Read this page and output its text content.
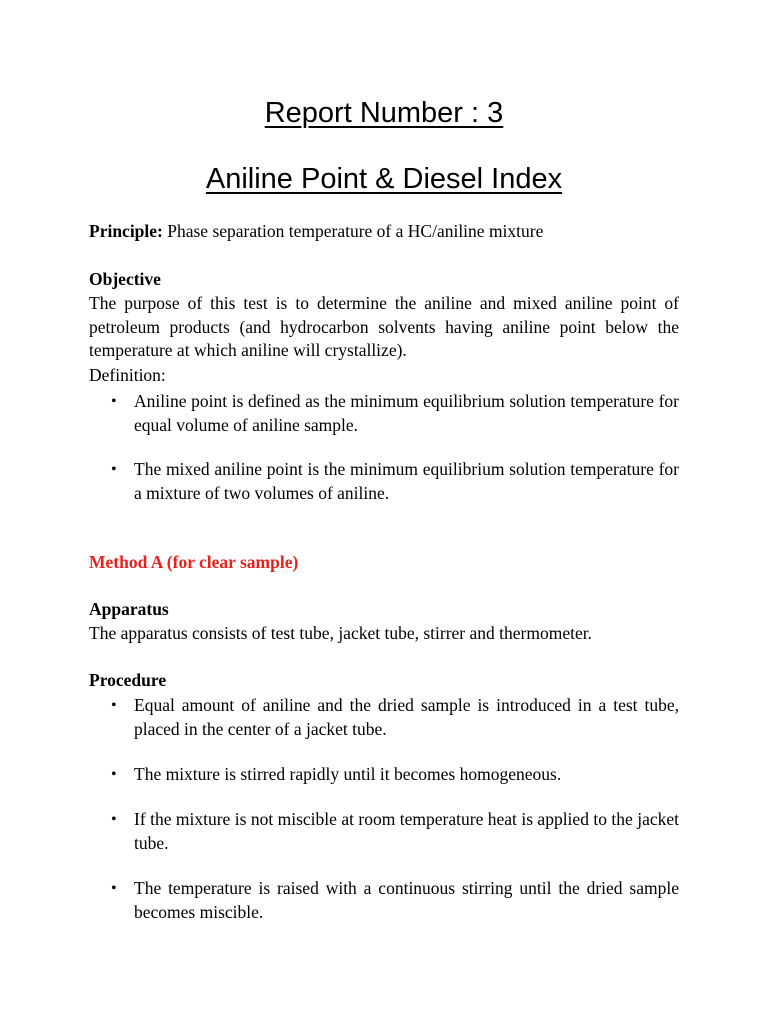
Report Number : 3
Aniline Point & Diesel Index
Principle: Phase separation temperature of a HC/aniline mixture
Objective
The purpose of this test is to determine the aniline and mixed aniline point of petroleum products (and hydrocarbon solvents having aniline point below the temperature at which aniline will crystallize).
Definition:
• Aniline point is defined as the minimum equilibrium solution temperature for equal volume of aniline sample.
• The mixed aniline point is the minimum equilibrium solution temperature for a mixture of two volumes of aniline.
Method A (for clear sample)
Apparatus
The apparatus consists of test tube, jacket tube, stirrer and thermometer.
Procedure
• Equal amount of aniline and the dried sample is introduced in a test tube, placed in the center of a jacket tube.
• The mixture is stirred rapidly until it becomes homogeneous.
• If the mixture is not miscible at room temperature heat is applied to the jacket tube.
• The temperature is raised with a continuous stirring until the dried sample becomes miscible.
